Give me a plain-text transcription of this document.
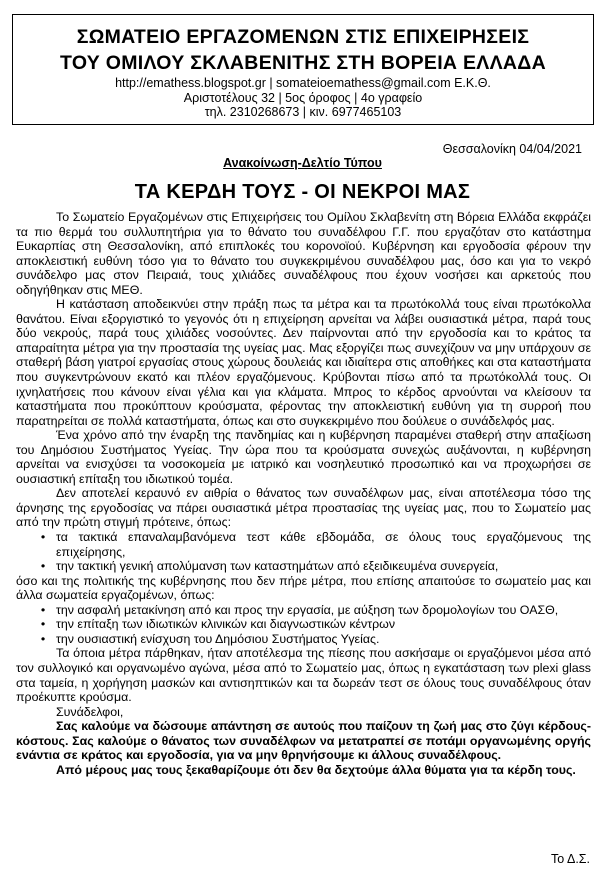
ΣΩΜΑΤΕΙΟ ΕΡΓΑΖΟΜΕΝΩΝ ΣΤΙΣ ΕΠΙΧΕΙΡΗΣΕΙΣ
ΤΟΥ ΟΜΙΛΟΥ ΣΚΛΑΒΕΝΙΤΗΣ ΣΤΗ ΒΟΡΕΙΑ ΕΛΛΑΔΑ
http://emathess.blogspot.gr | somateioemathess@gmail.com Ε.Κ.Θ.
Αριστοτέλους 32 | 5ος όροφος | 4ο γραφείο
τηλ. 2310268673 | κιν. 6977465103
Θεσσαλονίκη 04/04/2021
Ανακοίνωση-Δελτίο Τύπου
ΤΑ ΚΕΡΔΗ ΤΟΥΣ - ΟΙ ΝΕΚΡΟΙ ΜΑΣ

Το Σωματείο Εργαζομένων στις Επιχειρήσεις του Ομίλου Σκλαβενίτη στη Βόρεια Ελλάδα εκφράζει τα πιο θερμά του συλλυπητήρια για το θάνατο του συναδέλφου Γ.Γ. που εργαζόταν στο κατάστημα Ευκαρπίας στη Θεσσαλονίκη, από επιπλοκές του κορονοϊού. Κυβέρνηση και εργοδοσία φέρουν την αποκλειστική ευθύνη τόσο για το θάνατο του συγκεκριμένου συναδέλφου μας, όσο και για το νεκρό συνάδελφο μας στον Πειραιά, τους χιλιάδες συναδέλφους που έχουν νοσήσει και αρκετούς που οδηγήθηκαν στις ΜΕΘ.

Η κατάσταση αποδεικνύει στην πράξη πως τα μέτρα και τα πρωτόκολλά τους είναι πρωτόκολλα θανάτου. Είναι εξοργιστικό το γεγονός ότι η επιχείρηση αρνείται να λάβει ουσιαστικά μέτρα, παρά τους δύο νεκρούς, παρά τους χιλιάδες νοσούντες. Δεν παίρνονται από την εργοδοσία και το κράτος τα απαραίτητα μέτρα για την προστασία της υγείας μας. Μας εξοργίζει πως συνεχίζουν να μην υπάρχουν σε σταθερή βάση γιατροί εργασίας στους χώρους δουλειάς και ιδιαίτερα στις αποθήκες και στα καταστήματα που συγκεντρώνουν εκατό και πλέον εργαζόμενους. Κρύβονται πίσω από τα πρωτόκολλά τους. Οι ιχνηλατήσεις που κάνουν είναι γέλια και για κλάματα. Μπρος το κέρδος αρνούνται να κλείσουν τα καταστήματα που προκύπτουν κρούσματα, φέροντας την αποκλειστική ευθύνη για τη συρροή που παρατηρείται σε πολλά καταστήματα, όπως και στο συγκεκριμένο που δούλευε ο συνάδελφός μας.

Ένα χρόνο από την έναρξη της πανδημίας και η κυβέρνηση παραμένει σταθερή στην απαξίωση του Δημόσιου Συστήματος Υγείας. Την ώρα που τα κρούσματα συνεχώς αυξάνονται, η κυβέρνηση αρνείται να ενισχύσει τα νοσοκομεία με ιατρικό και νοσηλευτικό προσωπικό και να προχωρήσει σε ουσιαστική επίταξη του ιδιωτικού τομέα.

Δεν αποτελεί κεραυνό εν αιθρία ο θάνατος των συναδέλφων μας, είναι αποτέλεσμα τόσο της άρνησης της εργοδοσίας να πάρει ουσιαστικά μέτρα προστασίας της υγείας μας, που το Σωματείο μας από την πρώτη στιγμή πρότεινε, όπως:

• τα τακτικά επαναλαμβανόμενα τεστ κάθε εβδομάδα, σε όλους τους εργαζόμενους της επιχείρησης,
• την τακτική γενική απολύμανση των καταστημάτων από εξειδικευμένα συνεργεία,

όσο και της πολιτικής της κυβέρνησης που δεν πήρε μέτρα, που επίσης απαιτούσε το σωματείο μας και άλλα σωματεία εργαζομένων, όπως:

• την ασφαλή μετακίνηση από και προς την εργασία, με αύξηση των δρομολογίων του ΟΑΣΘ,
• την επίταξη των ιδιωτικών κλινικών και διαγνωστικών κέντρων
• την ουσιαστική ενίσχυση του Δημόσιου Συστήματος Υγείας.

Τα όποια μέτρα πάρθηκαν, ήταν αποτέλεσμα της πίεσης που ασκήσαμε οι εργαζόμενοι μέσα από τον συλλογικό και οργανωμένο αγώνα, μέσα από το Σωματείο μας, όπως η εγκατάσταση των plexi glass στα ταμεία, η χορήγηση μασκών και αντισηπτικών και τα δωρεάν τεστ σε όλους τους συναδέλφους όταν προέκυπτε κρούσμα.

Συνάδελφοι,

Σας καλούμε να δώσουμε απάντηση σε αυτούς που παίζουν τη ζωή μας στο ζύγι κέρδους-κόστους. Σας καλούμε ο θάνατος των συναδέλφων να μετατραπεί σε ποτάμι οργανωμένης οργής ενάντια σε κράτος και εργοδοσία, για να μην θρηνήσουμε κι άλλους συναδέλφους.

Από μέρους μας τους ξεκαθαρίζουμε ότι δεν θα δεχτούμε άλλα θύματα για τα κέρδη τους.

Το Δ.Σ.
